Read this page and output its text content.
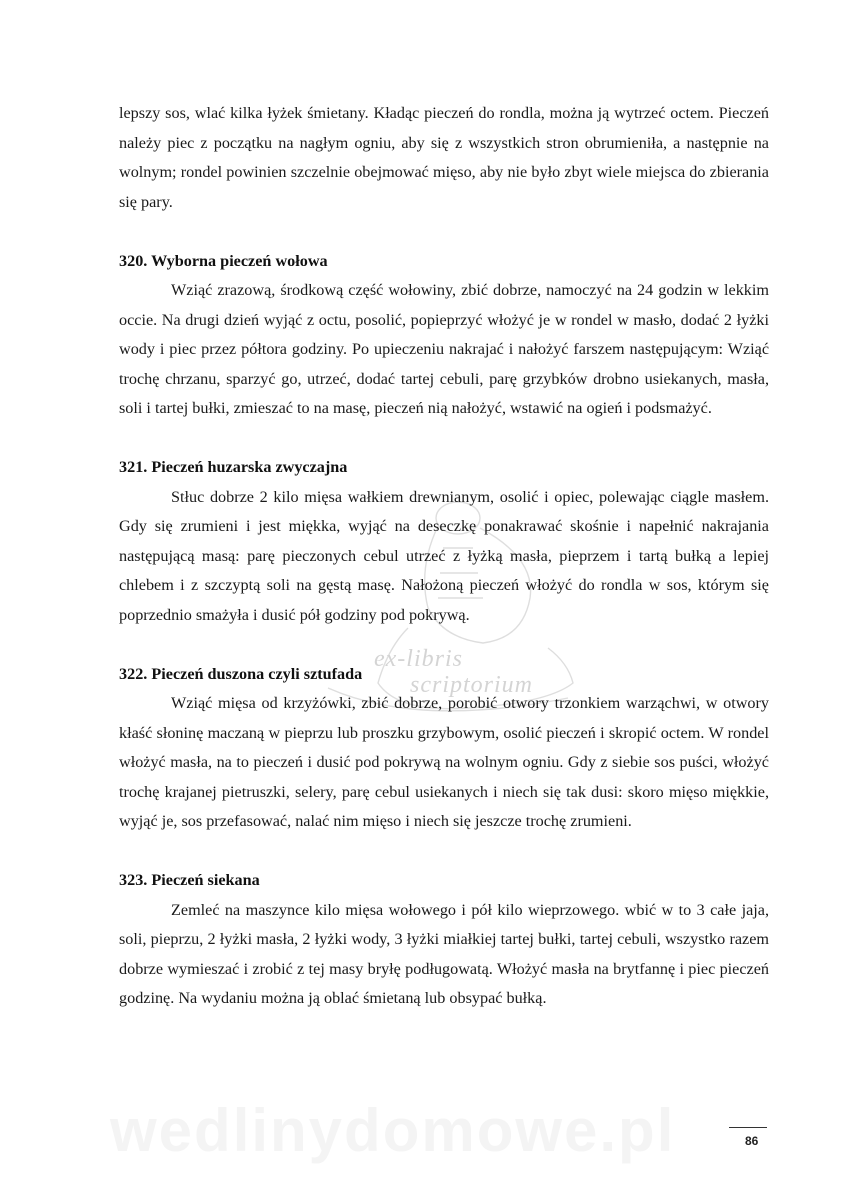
ex-libris
scriptorium

lepszy sos, wlać kilka łyżek śmietany. Kładąc pieczeń do rondla, można ją wytrzeć octem. Pieczeń należy piec z początku na nagłym ogniu, aby się z wszystkich stron obrumieniła, a następnie na wolnym; rondel powinien szczelnie obejmować mięso, aby nie było zbyt wiele miejsca do zbierania się pary.

320. Wyborna pieczeń wołowa

Wziąć zrazową, środkową część wołowiny, zbić dobrze, namoczyć na 24 godzin w lekkim occie. Na drugi dzień wyjąć z octu, posolić, popieprzyć włożyć je w rondel w masło, dodać 2 łyżki wody i piec przez półtora godziny. Po upieczeniu nakrajać i nałożyć farszem następującym: Wziąć trochę chrzanu, sparzyć go, utrzeć, dodać tartej cebuli, parę grzybków drobno usiekanych, masła, soli i tartej bułki, zmieszać to na masę, pieczeń nią nałożyć, wstawić na ogień i podsmażyć.

321. Pieczeń huzarska zwyczajna

Stłuc dobrze 2 kilo mięsa wałkiem drewnianym, osolić i opiec, polewając ciągle masłem. Gdy się zrumieni i jest miękka, wyjąć na deseczkę ponakrawać skośnie i napełnić nakrajania następującą masą: parę pieczonych cebul utrzeć z łyżką masła, pieprzem i tartą bułką a lepiej chlebem i z szczyptą soli na gęstą masę. Nałożoną pieczeń włożyć do rondla w sos, którym się poprzednio smażyła i dusić pół godziny pod pokrywą.

322. Pieczeń duszona czyli sztufada

Wziąć mięsa od krzyżówki, zbić dobrze, porobić otwory trzonkiem warząchwi, w otwory kłaść słoninę maczaną w pieprzu lub proszku grzybowym, osolić pieczeń i skropić octem. W rondel włożyć masła, na to pieczeń i dusić pod pokrywą na wolnym ogniu. Gdy z siebie sos puści, włożyć trochę krajanej pietruszki, selery, parę cebul usiekanych i niech się tak dusi: skoro mięso miękkie, wyjąć je, sos przefasować, nalać nim mięso i niech się jeszcze trochę zrumieni.

323. Pieczeń siekana

Zemleć na maszynce kilo mięsa wołowego i pół kilo wieprzowego. wbić w to 3 całe jaja, soli, pieprzu, 2 łyżki masła, 2 łyżki wody, 3 łyżki miałkiej tartej bułki, tartej cebuli, wszystko razem dobrze wymieszać i zrobić z tej masy bryłę podługowatą. Włożyć masła na brytfannę i piec pieczeń godzinę. Na wydaniu można ją oblać śmietaną lub obsypać bułką.

wedlinydomowe.pl	86
